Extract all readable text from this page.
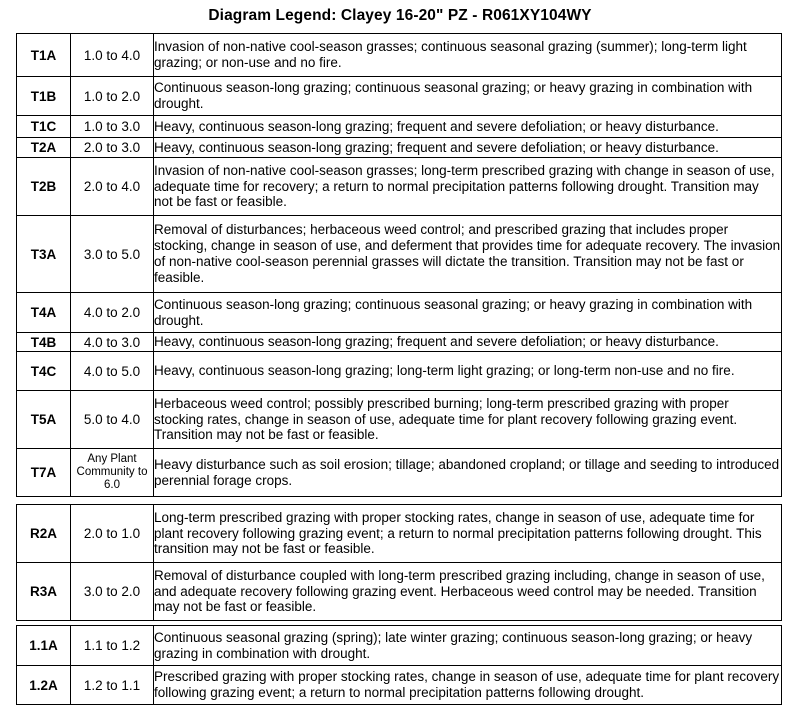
Diagram Legend: Clayey 16-20" PZ - R061XY104WY
T1A	1.0 to 4.0	Invasion of non-native cool-season grasses; continuous seasonal grazing (summer); long-term light grazing; or non-use and no fire.
T1B	1.0 to 2.0	Continuous season-long grazing; continuous seasonal grazing; or heavy grazing in combination with drought.
T1C	1.0 to 3.0	Heavy, continuous season-long grazing; frequent and severe defoliation; or heavy disturbance.
T2A	2.0 to 3.0	Heavy, continuous season-long grazing; frequent and severe defoliation; or heavy disturbance.
T2B	2.0 to 4.0	Invasion of non-native cool-season grasses; long-term prescribed grazing with change in season of use, adequate time for recovery; a return to normal precipitation patterns following drought. Transition may not be fast or feasible.
T3A	3.0 to 5.0	Removal of disturbances; herbaceous weed control; and prescribed grazing that includes proper stocking, change in season of use, and deferment that provides time for adequate recovery. The invasion of non-native cool-season perennial grasses will dictate the transition. Transition may not be fast or feasible.
T4A	4.0 to 2.0	Continuous season-long grazing; continuous seasonal grazing; or heavy grazing in combination with drought.
T4B	4.0 to 3.0	Heavy, continuous season-long grazing; frequent and severe defoliation; or heavy disturbance.
T4C	4.0 to 5.0	Heavy, continuous season-long grazing; long-term light grazing; or long-term non-use and no fire.
T5A	5.0 to 4.0	Herbaceous weed control; possibly prescribed burning; long-term prescribed grazing with proper stocking rates, change in season of use, adequate time for plant recovery following grazing event. Transition may not be fast or feasible.
T7A	Any Plant Community to 6.0	Heavy disturbance such as soil erosion; tillage; abandoned cropland; or tillage and seeding to introduced perennial forage crops.
R2A	2.0 to 1.0	Long-term prescribed grazing with proper stocking rates, change in season of use, adequate time for plant recovery following grazing event; a return to normal precipitation patterns following drought. This transition may not be fast or feasible.
R3A	3.0 to 2.0	Removal of disturbance coupled with long-term prescribed grazing including, change in season of use, and adequate recovery following grazing event. Herbaceous weed control may be needed. Transition may not be fast or feasible.
1.1A	1.1 to 1.2	Continuous seasonal grazing (spring); late winter grazing; continuous season-long grazing; or heavy grazing in combination with drought.
1.2A	1.2 to 1.1	Prescribed grazing with proper stocking rates, change in season of use, adequate time for plant recovery following grazing event; a return to normal precipitation patterns following drought.
